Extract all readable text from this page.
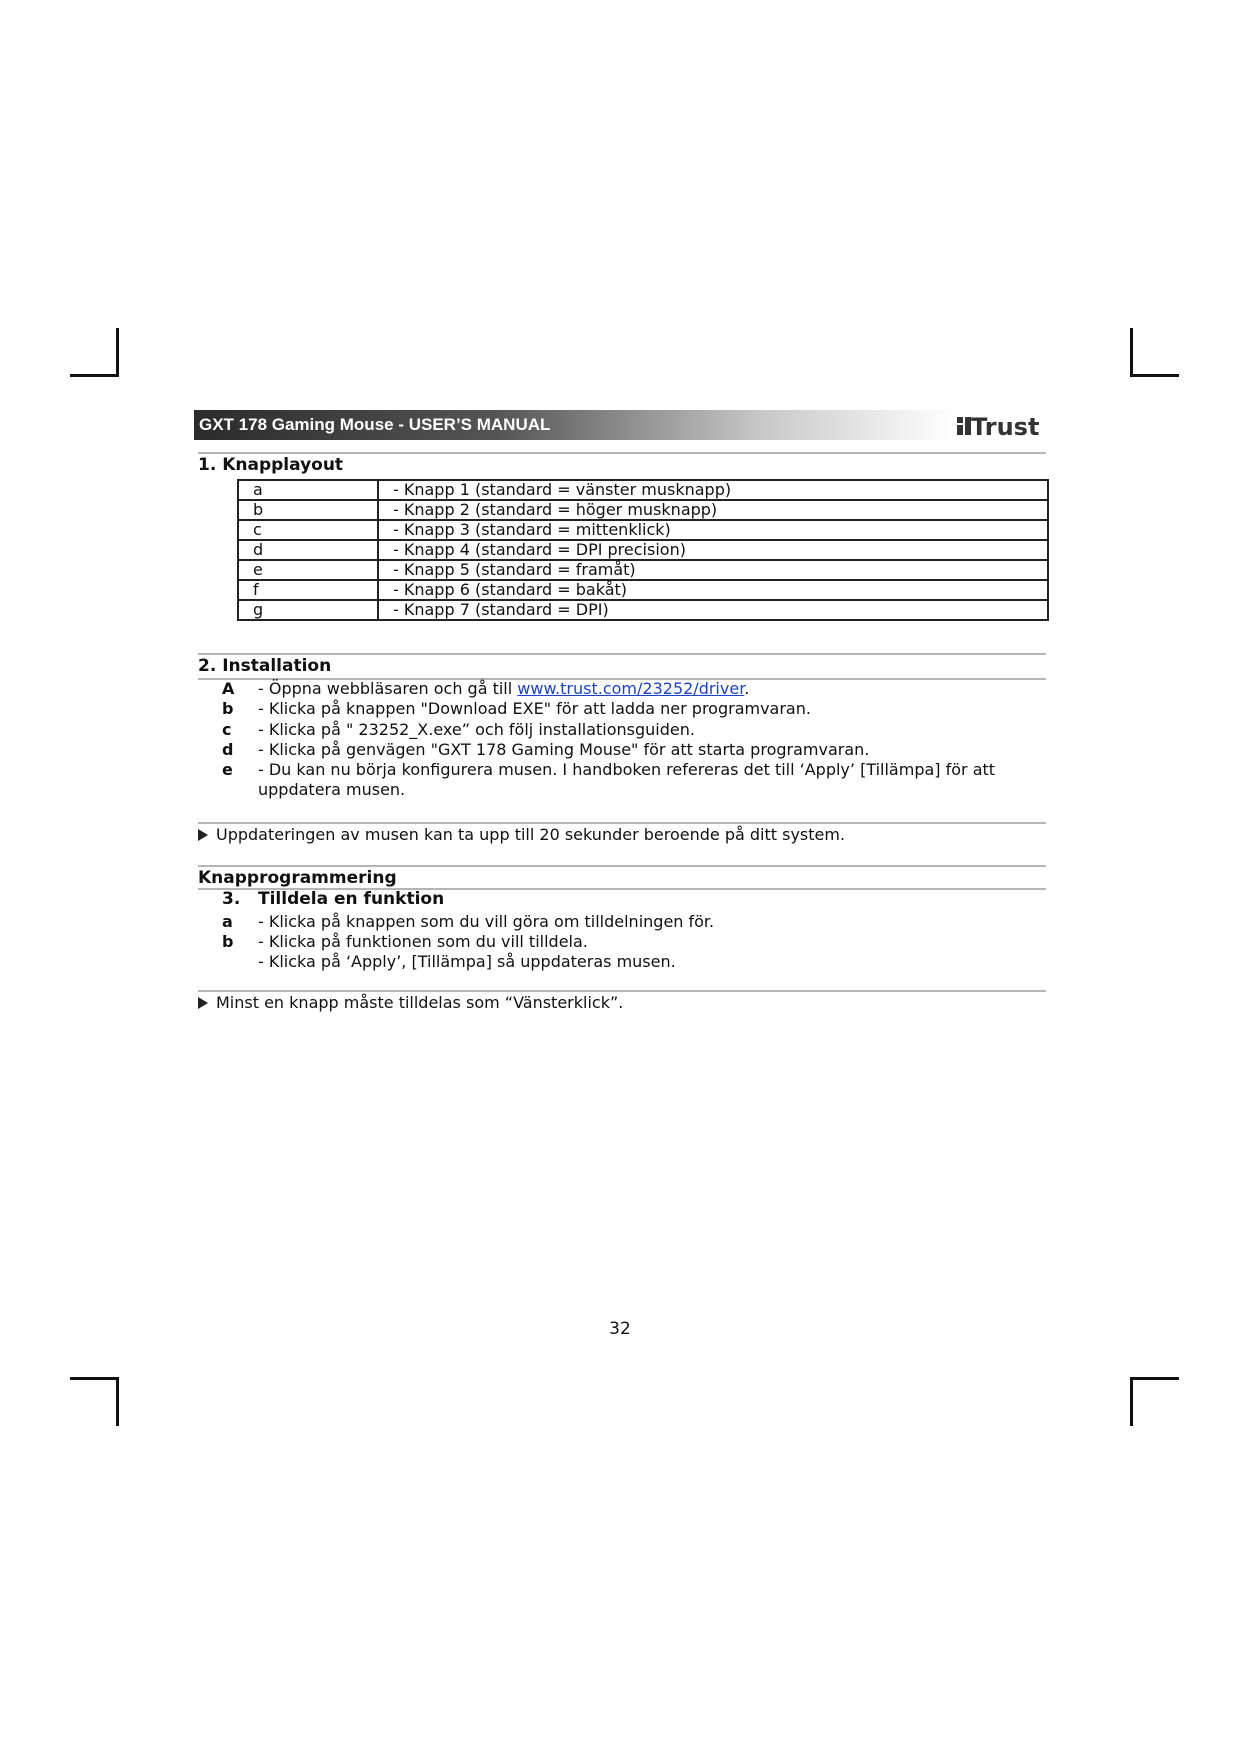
GXT 178 Gaming Mouse - USER’S MANUAL	Trust
1. Knapplayout
a	- Knapp 1 (standard = vänster musknapp)
b	- Knapp 2 (standard = höger musknapp)
c	- Knapp 3 (standard = mittenklick)
d	- Knapp 4 (standard = DPI precision)
e	- Knapp 5 (standard = framåt)
f	- Knapp 6 (standard = bakåt)
g	- Knapp 7 (standard = DPI)
2. Installation
A - Öppna webbläsaren och gå till www.trust.com/23252/driver.
b - Klicka på knappen "Download EXE" för att ladda ner programvaran.
c - Klicka på " 23252_X.exe” och följ installationsguiden.
d - Klicka på genvägen "GXT 178 Gaming Mouse" för att starta programvaran.
e - Du kan nu börja konfigurera musen. I handboken refereras det till ‘Apply’ [Tillämpa] för att uppdatera musen.
Uppdateringen av musen kan ta upp till 20 sekunder beroende på ditt system.
Knapprogrammering
3. Tilldela en funktion
a - Klicka på knappen som du vill göra om tilldelningen för.
b - Klicka på funktionen som du vill tilldela.
- Klicka på ‘Apply’, [Tillämpa] så uppdateras musen.
Minst en knapp måste tilldelas som “Vänsterklick”.
32
